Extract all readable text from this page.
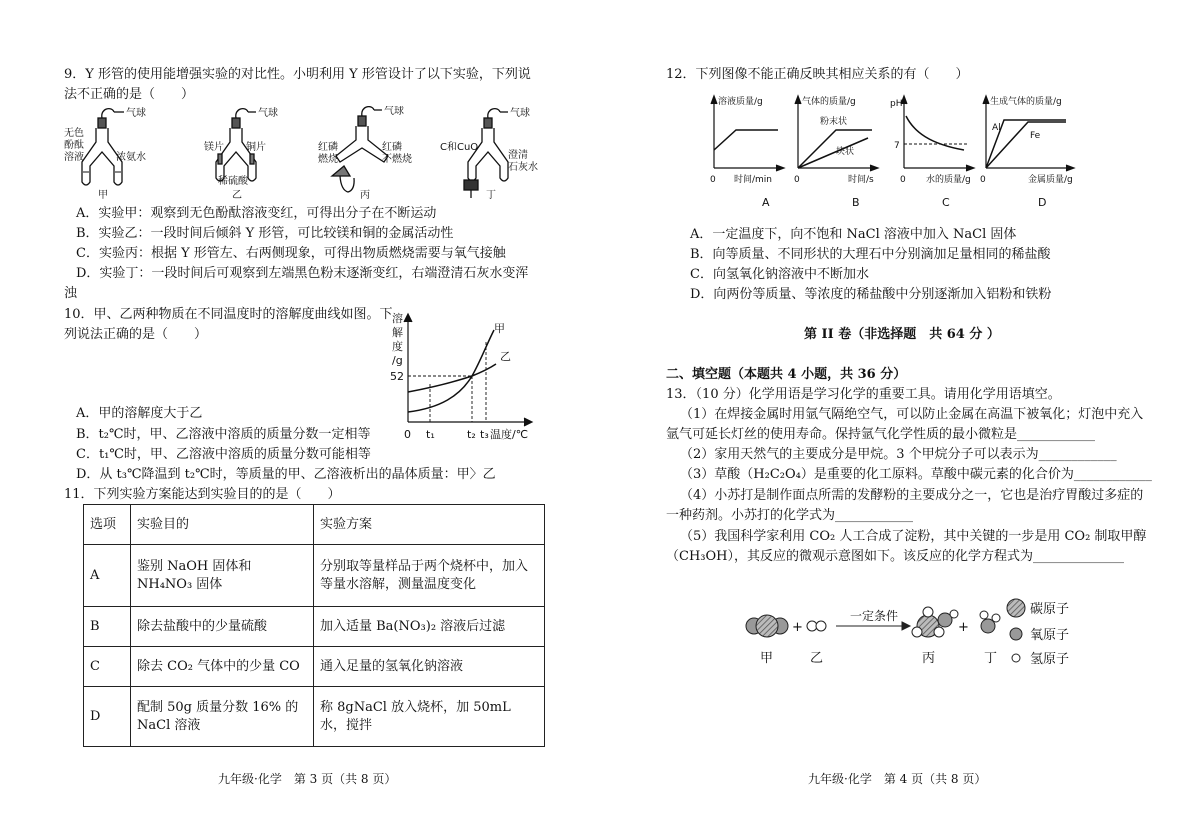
9．Y 形管的使用能增强实验的对比性。小明利用 Y 形管设计了以下实验，下列说
法不正确的是（　　）
气球
无色
酚酞
溶液	浓氨水
甲
气球
镁片 铜片
稀硫酸
乙
气球
红磷
燃烧
红磷
不燃烧
丙
气球
C和CuO
澄清
石灰水
丁
A．实验甲：观察到无色酚酞溶液变红，可得出分子在不断运动
B．实验乙：一段时间后倾斜 Y 形管，可比较镁和铜的金属活动性
C．实验丙：根据 Y 形管左、右两侧现象，可得出物质燃烧需要与氧气接触
D．实验丁：一段时间后可观察到左端黑色粉末逐渐变红，右端澄清石灰水变浑
浊
10．甲、乙两种物质在不同温度时的溶解度曲线如图。下
列说法正确的是（　　）
溶
解
度
/g
52
0 t₁	t₂ t₃ 温度/℃
甲
乙
A．甲的溶解度大于乙
B．t₂℃时，甲、乙溶液中溶质的质量分数一定相等
C．t₁℃时，甲、乙溶液中溶质的质量分数可能相等
D．从 t₃℃降温到 t₂℃时，等质量的甲、乙溶液析出的晶体质量：甲〉乙
11．下列实验方案能达到实验目的的是（　　）
选项	实验目的	实验方案
A	鉴别 NaOH 固体和 NH₄NO₃ 固体	分别取等量样品于两个烧杯中，加入等量水溶解，测量温度变化
B	除去盐酸中的少量硫酸	加入适量 Ba(NO₃)₂ 溶液后过滤
C	除去 CO₂ 气体中的少量 CO	通入足量的氢氧化钠溶液
D	配制 50g 质量分数 16% 的 NaCl 溶液	称 8gNaCl 放入烧杯，加 50mL 水，搅拌
九年级·化学　第 3 页（共 8 页）
12．下列图像不能正确反映其相应关系的有（　　）
溶液质量/g
时间/min
0
A
气体的质量/g
时间/s
0
粉末状
块状
B
pH
水的质量/g
0
7
C
生成气体的质量/g
金属质量/g
0
Al
Fe
D
A．一定温度下，向不饱和 NaCl 溶液中加入 NaCl 固体
B．向等质量、不同形状的大理石中分别滴加足量相同的稀盐酸
C．向氢氧化钠溶液中不断加水
D．向两份等质量、等浓度的稀盐酸中分别逐渐加入铝粉和铁粉
第 II 卷（非选择题　共 64 分 ）
二、填空题（本题共 4 小题，共 36 分）
13．（10 分）化学用语是学习化学的重要工具。请用化学用语填空。
（1）在焊接金属时用氩气隔绝空气，可以防止金属在高温下被氧化；灯泡中充入
氩气可延长灯丝的使用寿命。保持氩气化学性质的最小微粒是____________
（2）家用天然气的主要成分是甲烷。3 个甲烷分子可以表示为____________
（3）草酸（H₂C₂O₄）是重要的化工原料。草酸中碳元素的化合价为____________
（4）小苏打是制作面点所需的发酵粉的主要成分之一，它也是治疗胃酸过多症的
一种药剂。小苏打的化学式为____________
（5）我国科学家利用 CO₂ 人工合成了淀粉，其中关键的一步是用 CO₂ 制取甲醇
（CH₃OH），其反应的微观示意图如下。该反应的化学方程式为______________
+	+
一定条件
甲	乙	丙	丁
碳原子
氧原子
氢原子
九年级·化学　第 4 页（共 8 页）
